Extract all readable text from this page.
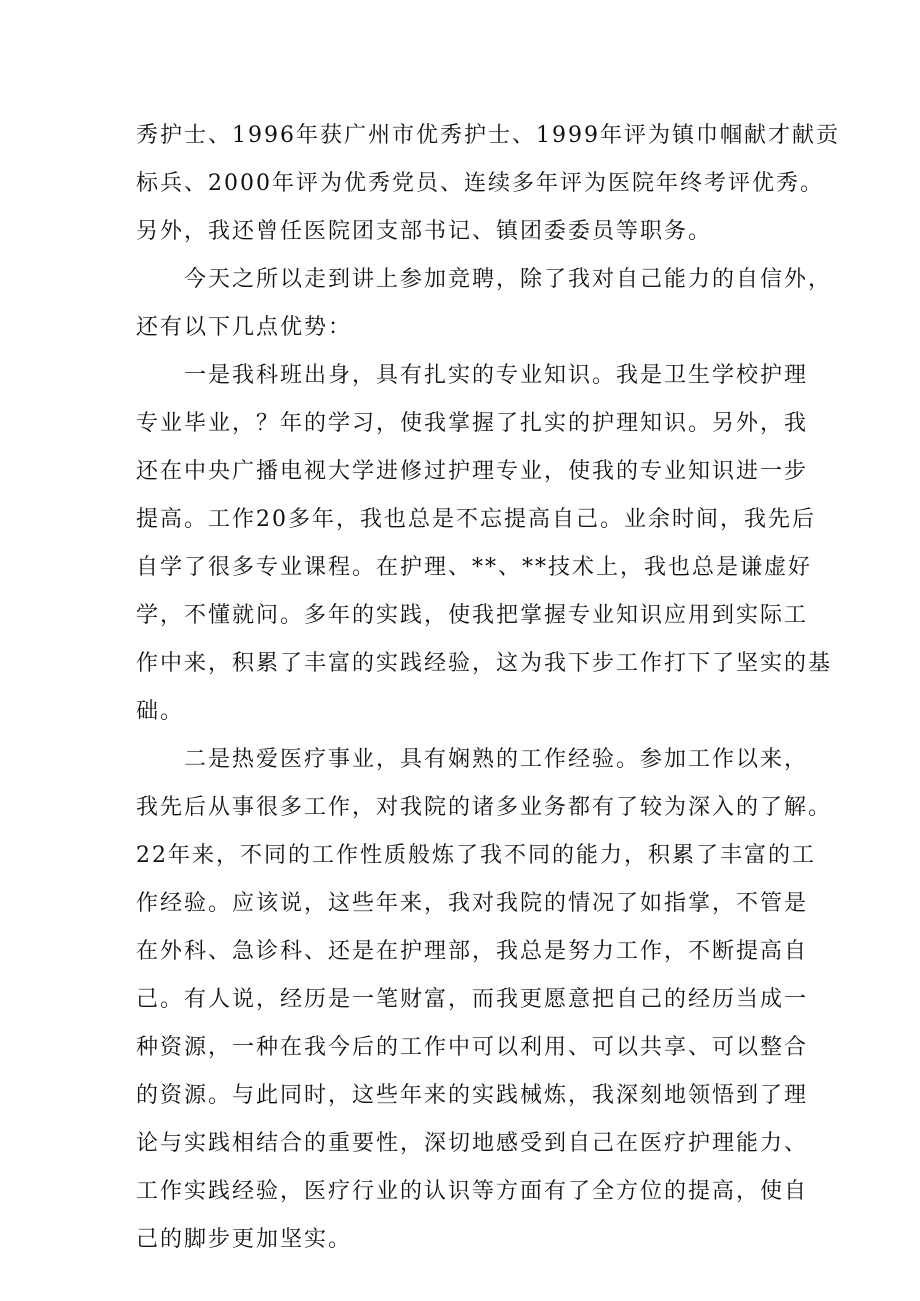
秀护士、1996年获广州市优秀护士、1999年评为镇巾帼献才献贡
标兵、2000年评为优秀党员、连续多年评为医院年终考评优秀。
另外，我还曾任医院团支部书记、镇团委委员等职务。
今天之所以走到讲上参加竞聘，除了我对自己能力的自信外，
还有以下几点优势：
一是我科班出身，具有扎实的专业知识。我是卫生学校护理
专业毕业，？年的学习，使我掌握了扎实的护理知识。另外，我
还在中央广播电视大学进修过护理专业，使我的专业知识进一步
提高。工作20多年，我也总是不忘提高自己。业余时间，我先后
自学了很多专业课程。在护理、**、**技术上，我也总是谦虚好
学，不懂就问。多年的实践，使我把掌握专业知识应用到实际工
作中来，积累了丰富的实践经验，这为我下步工作打下了坚实的基
础。
二是热爱医疗事业，具有娴熟的工作经验。参加工作以来，
我先后从事很多工作，对我院的诸多业务都有了较为深入的了解。
22年来，不同的工作性质般炼了我不同的能力，积累了丰富的工
作经验。应该说，这些年来，我对我院的情况了如指掌，不管是
在外科、急诊科、还是在护理部，我总是努力工作，不断提高自
己。有人说，经历是一笔财富，而我更愿意把自己的经历当成一
种资源，一种在我今后的工作中可以利用、可以共享、可以整合
的资源。与此同时，这些年来的实践械炼，我深刻地领悟到了理
论与实践相结合的重要性，深切地感受到自己在医疗护理能力、
工作实践经验，医疗行业的认识等方面有了全方位的提高，使自
己的脚步更加坚实。
